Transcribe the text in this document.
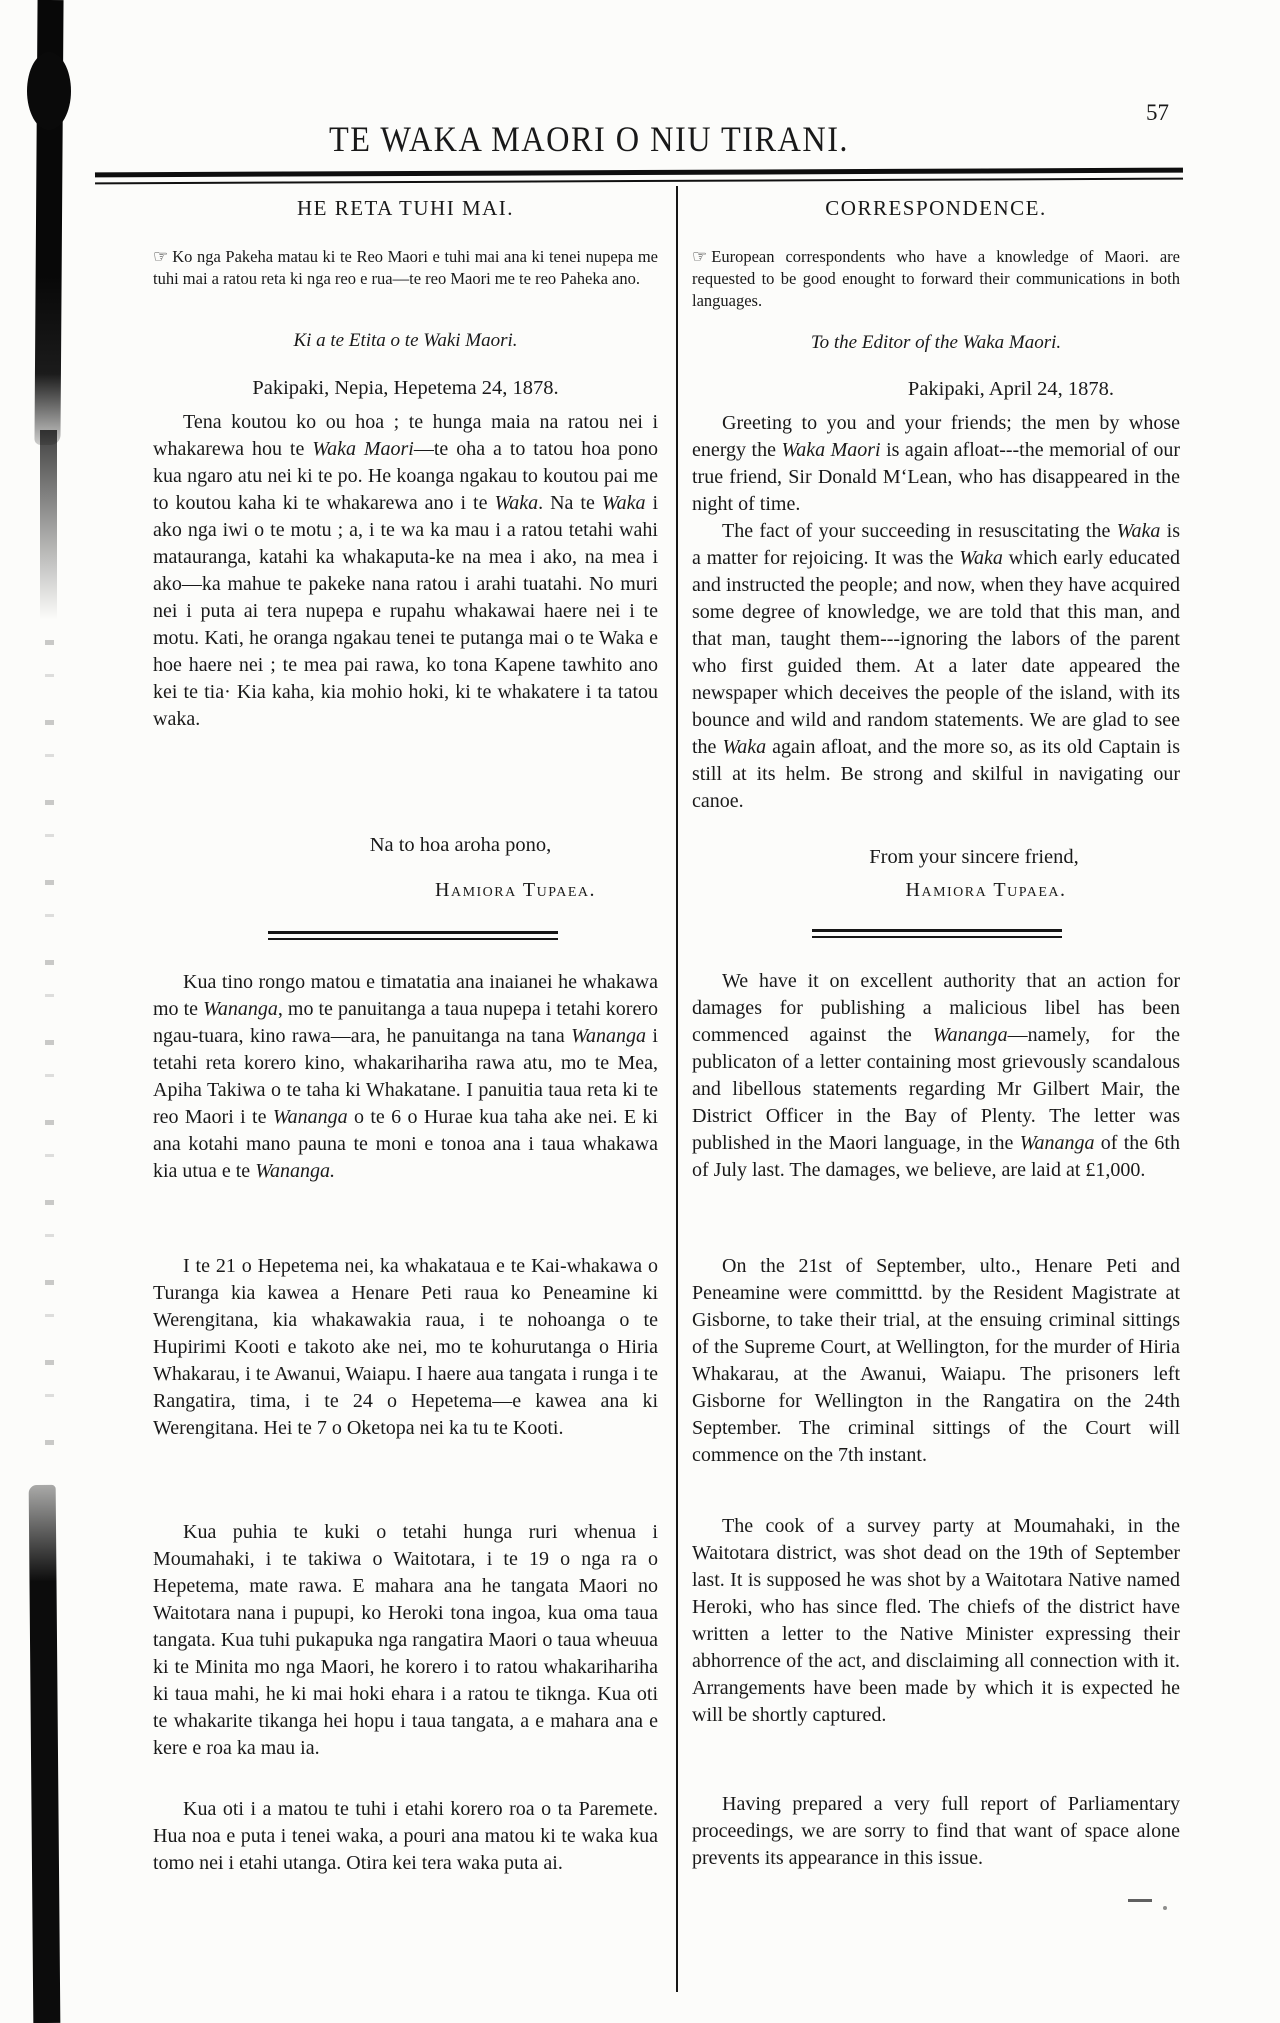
TE WAKA MAORI O NIU TIRANI.
57
HE RETA TUHI MAI.

☞ Ko nga Pakeha matau ki te Reo Maori e tuhi mai ana ki tenei nupepa me tuhi mai a ratou reta ki nga reo e rua—te reo Maori me te reo Paheka ano.

Ki a te Etita o te Waki Maori.

Pakipaki, Nepia, Hepetema 24, 1878.

Tena koutou ko ou hoa ; te hunga maia na ratou nei i whakarewa hou te Waka Maori—te oha a to tatou hoa pono kua ngaro atu nei ki te po. He koanga ngakau to koutou pai me to koutou kaha ki te whakarewa ano i te Waka. Na te Waka i ako nga iwi o te motu ; a, i te wa ka mau i a ratou tetahi wahi matauranga, katahi ka whakaputa-ke na mea i ako, na mea i ako—ka mahue te pakeke nana ratou i arahi tuatahi. No muri nei i puta ai tera nupepa e rupahu whakawai haere nei i te motu. Kati, he oranga ngakau tenei te putanga mai o te Waka e hoe haere nei ; te mea pai rawa, ko tona Kapene tawhito ano kei te tia· Kia kaha, kia mohio hoki, ki te whakatere i ta tatou waka.

Na to hoa aroha pono,

Hamiora Tupaea.

Kua tino rongo matou e timatatia ana inaianei he whakawa mo te Wananga, mo te panuitanga a taua nupepa i tetahi korero ngau-tuara, kino rawa—ara, he panuitanga na tana Wananga i tetahi reta korero kino, whakarihariha rawa atu, mo te Mea, Apiha Takiwa o te taha ki Whakatane. I panuitia taua reta ki te reo Maori i te Wananga o te 6 o Hurae kua taha ake nei. E ki ana kotahi mano pauna te moni e tonoa ana i taua whakawa kia utua e te Wananga.

I te 21 o Hepetema nei, ka whakataua e te Kai-whakawa o Turanga kia kawea a Henare Peti raua ko Peneamine ki Werengitana, kia whakawakia raua, i te nohoanga o te Hupirimi Kooti e takoto ake nei, mo te kohurutanga o Hiria Whakarau, i te Awanui, Waiapu. I haere aua tangata i runga i te Rangatira, tima, i te 24 o Hepetema—e kawea ana ki Werengitana. Hei te 7 o Oketopa nei ka tu te Kooti.

Kua puhia te kuki o tetahi hunga ruri whenua i Moumahaki, i te takiwa o Waitotara, i te 19 o nga ra o Hepetema, mate rawa. E mahara ana he tangata Maori no Waitotara nana i pupupi, ko Heroki tona ingoa, kua oma taua tangata. Kua tuhi pukapuka nga rangatira Maori o taua wheuua ki te Minita mo nga Maori, he korero i to ratou whakarihariha ki taua mahi, he ki mai hoki ehara i a ratou te tiknga. Kua oti te whakarite tikanga hei hopu i taua tangata, a e mahara ana e kere e roa ka mau ia.

Kua oti i a matou te tuhi i etahi korero roa o ta Paremete. Hua noa e puta i tenei waka, a pouri ana matou ki te waka kua tomo nei i etahi utanga. Otira kei tera waka puta ai.

CORRESPONDENCE.

☞ European correspondents who have a knowledge of Maori. are requested to be good enought to forward their communications in both languages.

To the Editor of the Waka Maori.

Pakipaki, April 24, 1878.

Greeting to you and your friends; the men by whose energy the Waka Maori is again afloat---the memorial of our true friend, Sir Donald M‘Lean, who has disappeared in the night of time.

The fact of your succeeding in resuscitating the Waka is a matter for rejoicing. It was the Waka which early educated and instructed the people; and now, when they have acquired some degree of knowledge, we are told that this man, and that man, taught them---ignoring the labors of the parent who first guided them. At a later date appeared the newspaper which deceives the people of the island, with its bounce and wild and random statements. We are glad to see the Waka again afloat, and the more so, as its old Captain is still at its helm. Be strong and skilful in navigating our canoe.

From your sincere friend,

Hamiora Tupaea.

We have it on excellent authority that an action for damages for publishing a malicious libel has been commenced against the Wananga—namely, for the publicaton of a letter containing most grievously scandalous and libellous statements regarding Mr Gilbert Mair, the District Officer in the Bay of Plenty. The letter was published in the Maori language, in the Wananga of the 6th of July last. The damages, we believe, are laid at £1,000.

On the 21st of September, ulto., Henare Peti and Peneamine were committtd. by the Resident Magistrate at Gisborne, to take their trial, at the ensuing criminal sittings of the Supreme Court, at Wellington, for the murder of Hiria Whakarau, at the Awanui, Waiapu. The prisoners left Gisborne for Wellington in the Rangatira on the 24th September. The criminal sittings of the Court will commence on the 7th instant.

The cook of a survey party at Moumahaki, in the Waitotara district, was shot dead on the 19th of September last. It is supposed he was shot by a Waitotara Native named Heroki, who has since fled. The chiefs of the district have written a letter to the Native Minister expressing their abhorrence of the act, and disclaiming all connection with it. Arrangements have been made by which it is expected he will be shortly captured.

Having prepared a very full report of Parliamentary proceedings, we are sorry to find that want of space alone prevents its appearance in this issue.
